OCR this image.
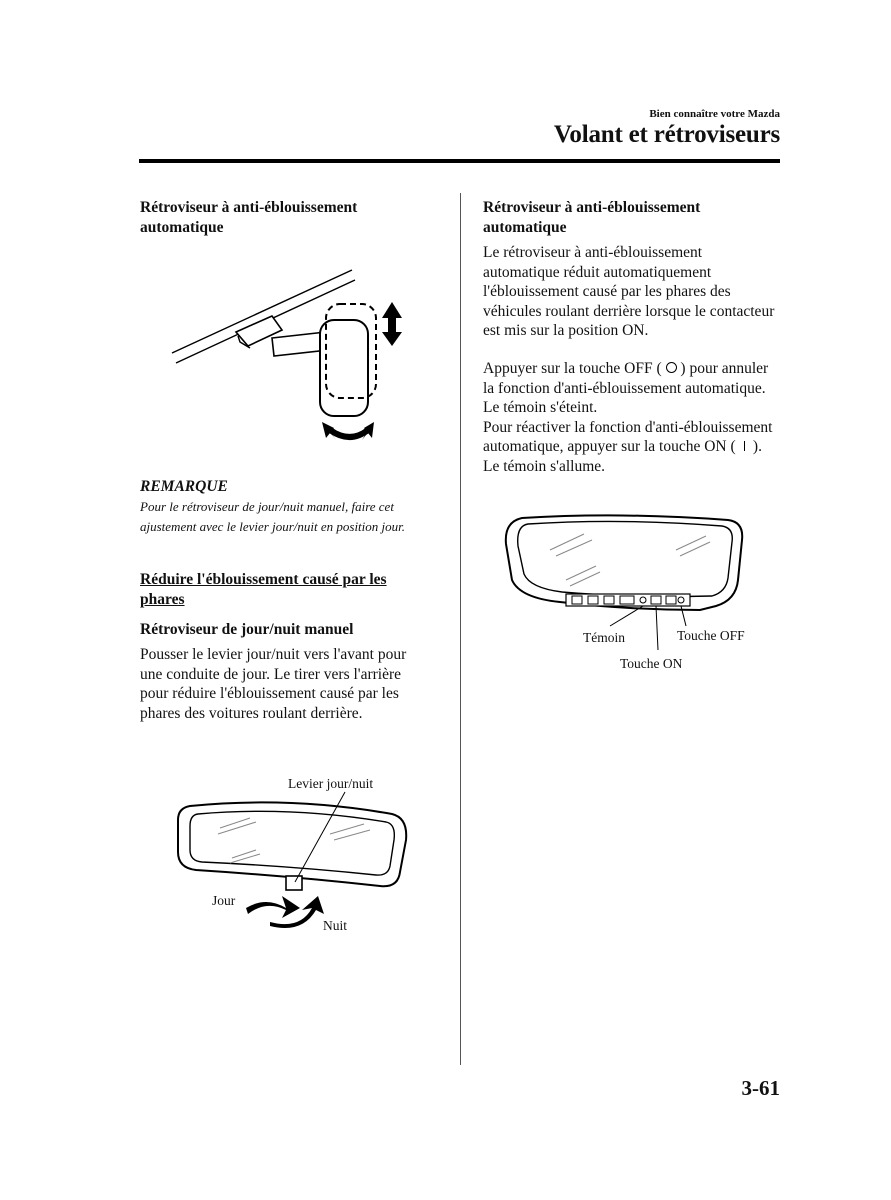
Bien connaître votre Mazda
Volant et rétroviseurs
Rétroviseur à anti-éblouissement automatique
REMARQUE
Pour le rétroviseur de jour/nuit manuel, faire cet ajustement avec le levier jour/nuit en position jour.
Réduire l'éblouissement causé par les phares
Rétroviseur de jour/nuit manuel
Pousser le levier jour/nuit vers l'avant pour une conduite de jour. Le tirer vers l'arrière pour réduire l'éblouissement causé par les phares des voitures roulant derrière.
Levier jour/nuit
Jour
Nuit
Rétroviseur à anti-éblouissement automatique
Le rétroviseur à anti-éblouissement automatique réduit automatiquement l'éblouissement causé par les phares des véhicules roulant derrière lorsque le contacteur est mis sur la position ON.
Appuyer sur la touche OFF ( ) pour annuler la fonction d'anti-éblouissement automatique. Le témoin s'éteint.
Pour réactiver la fonction d'anti-éblouissement automatique, appuyer sur la touche ON ( ). Le témoin s'allume.
Témoin	Touche OFF
Touche ON
3-61
